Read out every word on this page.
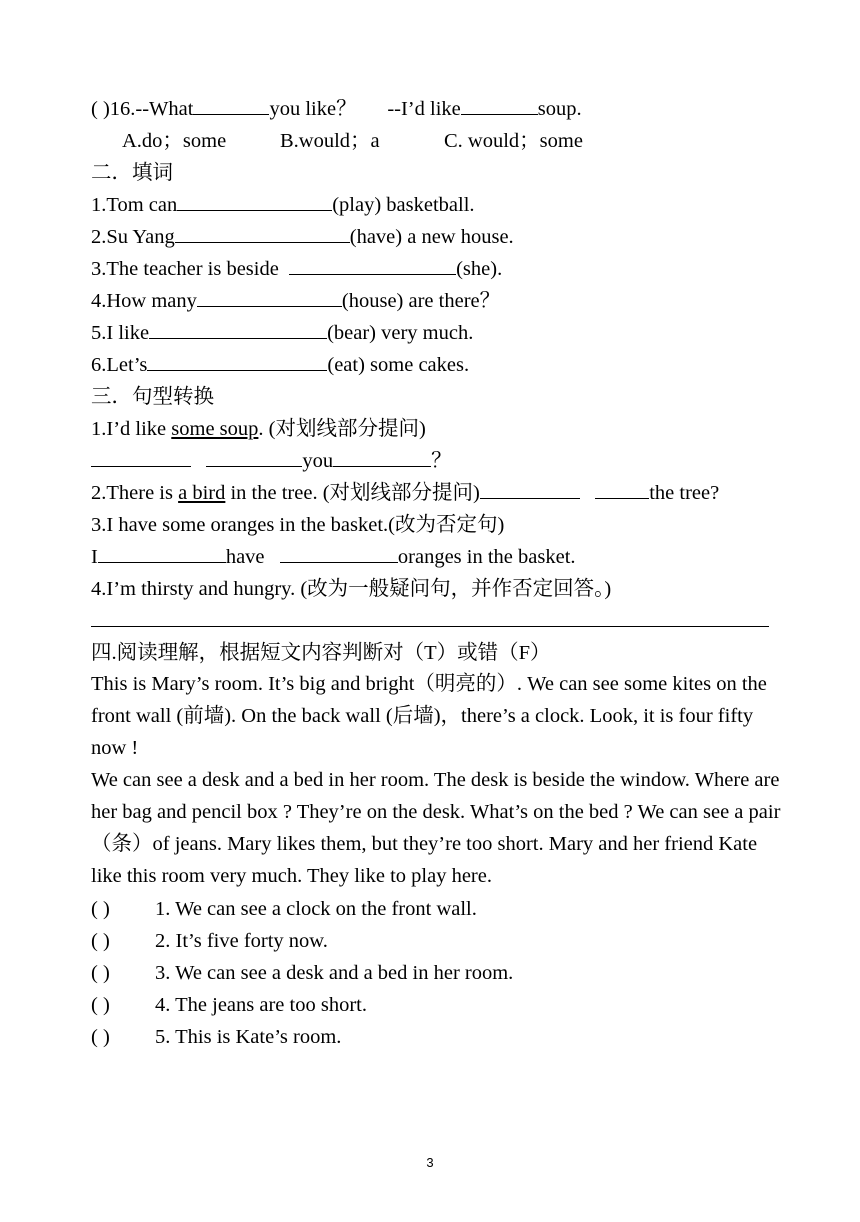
( )16.--What	you like？ --I’d like	soup.
A.do；some	B.would；a	C. would；some
二．填词
1.Tom can	(play) basketball.
2.Su Yang	(have) a new house.
3.The teacher is beside	(she).
4.How many	(house) are there？
5.I like	(bear) very much.
6.Let’s	(eat) some cakes.
三．句型转换
1.I’d like some soup. (对划线部分提问)
you	？
2.There is a bird in the tree. (对划线部分提问)	the tree?
3.I have some oranges in the basket.(改为否定句)
I	have	oranges in the basket.
4.I’m thirsty and hungry. (改为一般疑问句，并作否定回答。)
四.阅读理解，根据短文内容判断对（T）或错（F）
This is Mary’s room. It’s big and bright（明亮的）. We can see some kites on the front wall (前墙). On the back wall (后墙)，there’s a clock. Look, it is four fifty now !
We can see a desk and a bed in her room. The desk is beside the window. Where are her bag and pencil box ? They’re on the desk. What’s on the bed ? We can see a pair（条）of jeans. Mary likes them, but they’re too short. Mary and her friend Kate like this room very much. They like to play here.
( ) 1. We can see a clock on the front wall.
( ) 2. It’s five forty now.
( ) 3. We can see a desk and a bed in her room.
( ) 4. The jeans are too short.
( ) 5. This is Kate’s room.
3
